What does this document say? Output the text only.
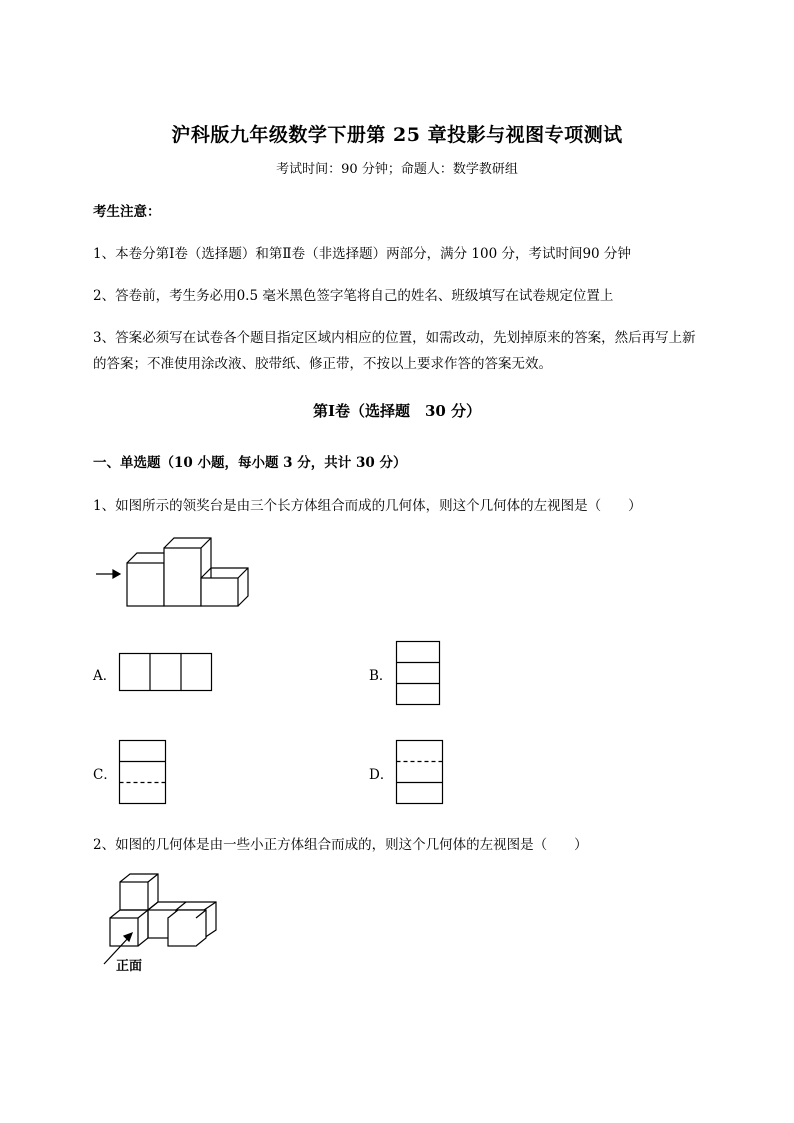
沪科版九年级数学下册第 25 章投影与视图专项测试
考试时间：90 分钟；命题人：数学教研组
考生注意：
1、本卷分第Ⅰ卷（选择题）和第Ⅱ卷（非选择题）两部分，满分 100 分，考试时间90 分钟
2、答卷前，考生务必用0.5 毫米黑色签字笔将自己的姓名、班级填写在试卷规定位置上
3、答案必须写在试卷各个题目指定区域内相应的位置，如需改动，先划掉原来的答案，然后再写上新
的答案；不准使用涂改液、胶带纸、修正带，不按以上要求作答的答案无效。
第Ⅰ卷（选择题　30 分）
一、单选题（10 小题，每小题 3 分，共计 30 分）
1、如图所示的领奖台是由三个长方体组合而成的几何体，则这个几何体的左视图是（　　）
A．	B．
C．	D．
2、如图的几何体是由一些小正方体组合而成的，则这个几何体的左视图是（　　）
正面
